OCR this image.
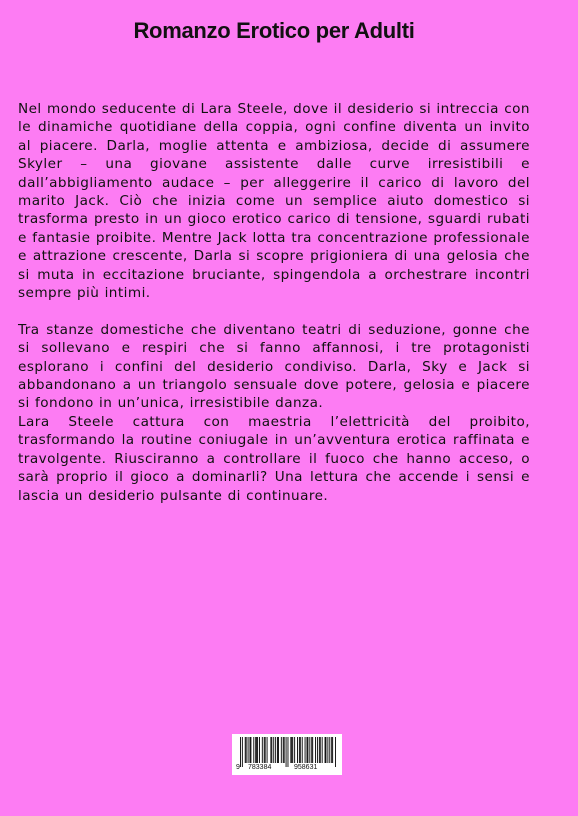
Romanzo Erotico per Adulti

Nel mondo seducente di Lara Steele, dove il desiderio si intreccia con le dinamiche quotidiane della coppia, ogni confine diventa un invito al piacere. Darla, moglie attenta e ambiziosa, decide di assumere Skyler – una giovane assistente dalle curve irresistibili e dall’abbigliamento audace – per alleggerire il carico di lavoro del marito Jack. Ciò che inizia come un semplice aiuto domestico si trasforma presto in un gioco erotico carico di tensione, sguardi rubati e fantasie proibite. Mentre Jack lotta tra concentrazione professionale e attrazione crescente, Darla si scopre prigioniera di una gelosia che si muta in eccitazione bruciante, spingendola a orchestrare incontri sempre più intimi.

Tra stanze domestiche che diventano teatri di seduzione, gonne che si sollevano e respiri che si fanno affannosi, i tre protagonisti esplorano i confini del desiderio condiviso. Darla, Sky e Jack si abbandonano a un triangolo sensuale dove potere, gelosia e piacere si fondono in un’unica, irresistibile danza.

Lara Steele cattura con maestria l’elettricità del proibito, trasformando la routine coniugale in un’avventura erotica raffinata e travolgente. Riusciranno a controllare il fuoco che hanno acceso, o sarà proprio il gioco a dominarli? Una lettura che accende i sensi e lascia un desiderio pulsante di continuare.

9 783384	958631
